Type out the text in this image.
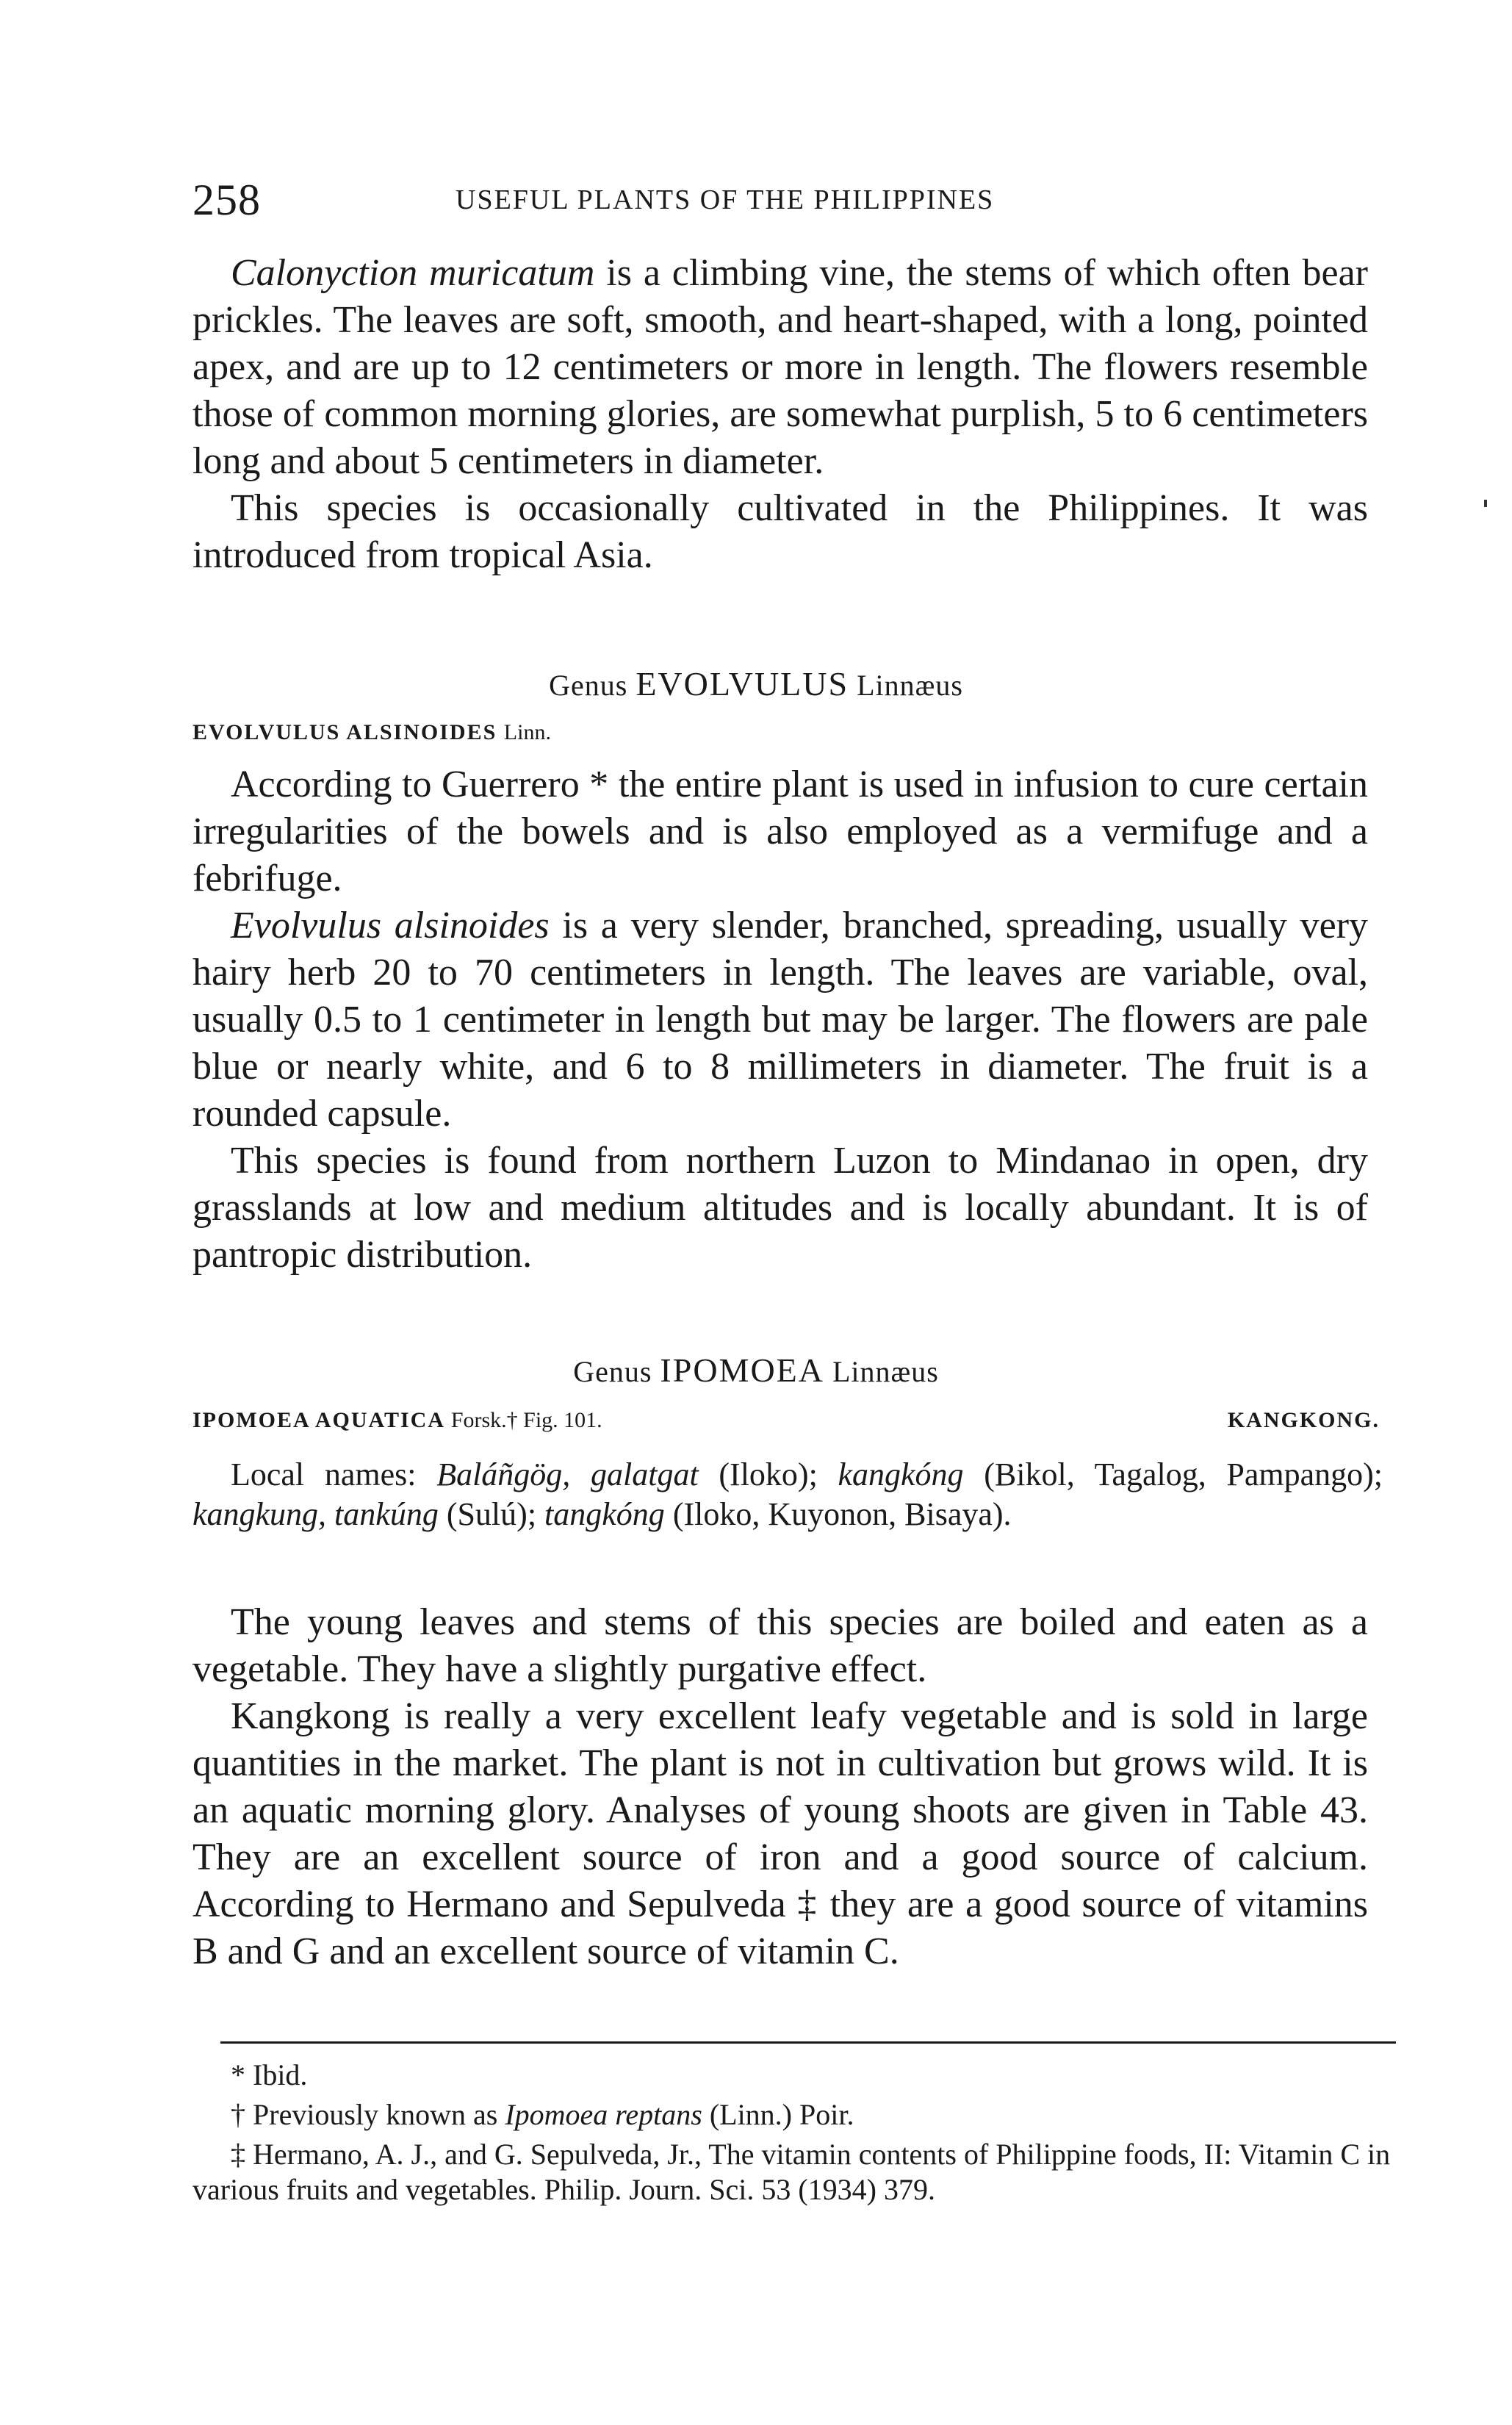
258	USEFUL PLANTS OF THE PHILIPPINES

Calonyction muricatum is a climbing vine, the stems of which often bear prickles. The leaves are soft, smooth, and heart-shaped, with a long, pointed apex, and are up to 12 centimeters or more in length. The flowers resemble those of common morning glories, are somewhat purplish, 5 to 6 centimeters long and about 5 centimeters in diameter.

This species is occasionally cultivated in the Philippines. It was introduced from tropical Asia.

Genus EVOLVULUS Linnæus
EVOLVULUS ALSINOIDES Linn.

According to Guerrero * the entire plant is used in infusion to cure certain irregularities of the bowels and is also employed as a vermifuge and a febrifuge.

Evolvulus alsinoides is a very slender, branched, spreading, usually very hairy herb 20 to 70 centimeters in length. The leaves are variable, oval, usually 0.5 to 1 centimeter in length but may be larger. The flowers are pale blue or nearly white, and 6 to 8 millimeters in diameter. The fruit is a rounded capsule.

This species is found from northern Luzon to Mindanao in open, dry grasslands at low and medium altitudes and is locally abundant. It is of pantropic distribution.

Genus IPOMOEA Linnæus
IPOMOEA AQUATICA Forsk.† Fig. 101.	KANGKONG.
Local names: Baláñgög, galatgat (Iloko); kangkóng (Bikol, Tagalog, Pampango); kangkung, tankúng (Sulú); tangkóng (Iloko, Kuyonon, Bisaya).

The young leaves and stems of this species are boiled and eaten as a vegetable. They have a slightly purgative effect.

Kangkong is really a very excellent leafy vegetable and is sold in large quantities in the market. The plant is not in cultivation but grows wild. It is an aquatic morning glory. Analyses of young shoots are given in Table 43. They are an excellent source of iron and a good source of calcium. According to Hermano and Sepulveda ‡ they are a good source of vitamins B and G and an excellent source of vitamin C.

* Ibid.

† Previously known as Ipomoea reptans (Linn.) Poir.

‡ Hermano, A. J., and G. Sepulveda, Jr., The vitamin contents of Philippine foods, II: Vitamin C in various fruits and vegetables. Philip. Journ. Sci. 53 (1934) 379.
